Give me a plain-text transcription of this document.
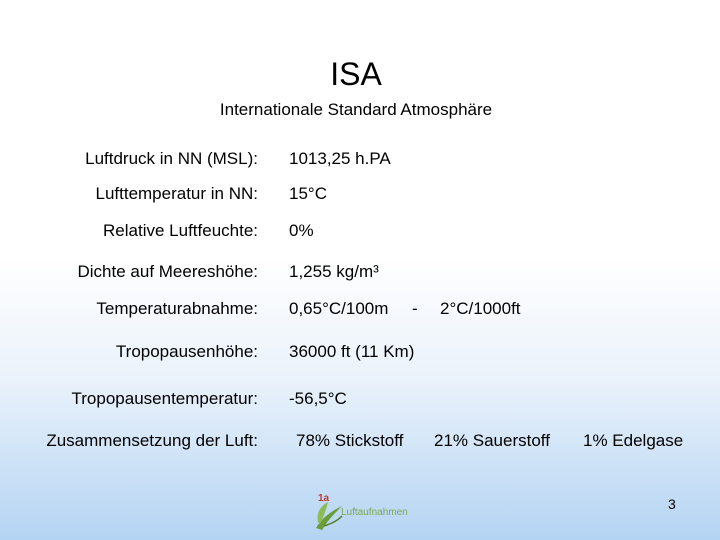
ISA
Internationale Standard Atmosphäre
Luftdruck in NN (MSL): 1013,25 h.PA
Lufttemperatur in NN: 15°C
Relative Luftfeuchte: 0%
Dichte auf Meereshöhe: 1,255 kg/m³
Temperaturabnahme: 0,65°C/100m - 2°C/1000ft
Tropopausenhöhe: 36000 ft (11 Km)
Tropopausentemperatur: -56,5°C
Zusammensetzung der Luft: 78% Stickstoff 21% Sauerstoff 1% Edelgase
1a
Luftaufnahmen
3
